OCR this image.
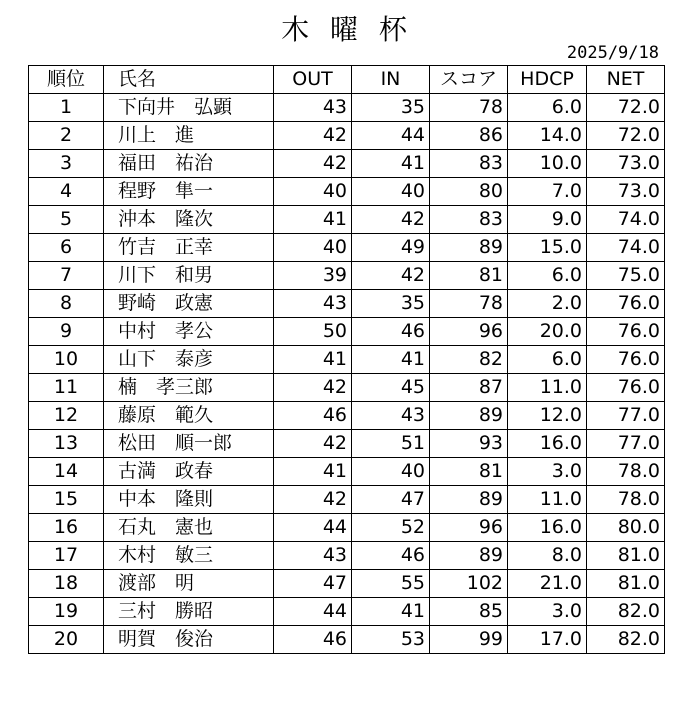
木 曜 杯
2025/9/18
順位	氏名	OUT	IN	スコア	HDCP	NET
1	下向井　弘顕	43	35	78	6.0	72.0
2	川上　進	42	44	86	14.0	72.0
3	福田　祐治	42	41	83	10.0	73.0
4	程野　隼一	40	40	80	7.0	73.0
5	沖本　隆次	41	42	83	9.0	74.0
6	竹吉　正幸	40	49	89	15.0	74.0
7	川下　和男	39	42	81	6.0	75.0
8	野崎　政憲	43	35	78	2.0	76.0
9	中村　孝公	50	46	96	20.0	76.0
10	山下　泰彦	41	41	82	6.0	76.0
11	楠　孝三郎	42	45	87	11.0	76.0
12	藤原　範久	46	43	89	12.0	77.0
13	松田　順一郎	42	51	93	16.0	77.0
14	古満　政春	41	40	81	3.0	78.0
15	中本　隆則	42	47	89	11.0	78.0
16	石丸　憲也	44	52	96	16.0	80.0
17	木村　敏三	43	46	89	8.0	81.0
18	渡部　明	47	55	102	21.0	81.0
19	三村　勝昭	44	41	85	3.0	82.0
20	明賀　俊治	46	53	99	17.0	82.0
